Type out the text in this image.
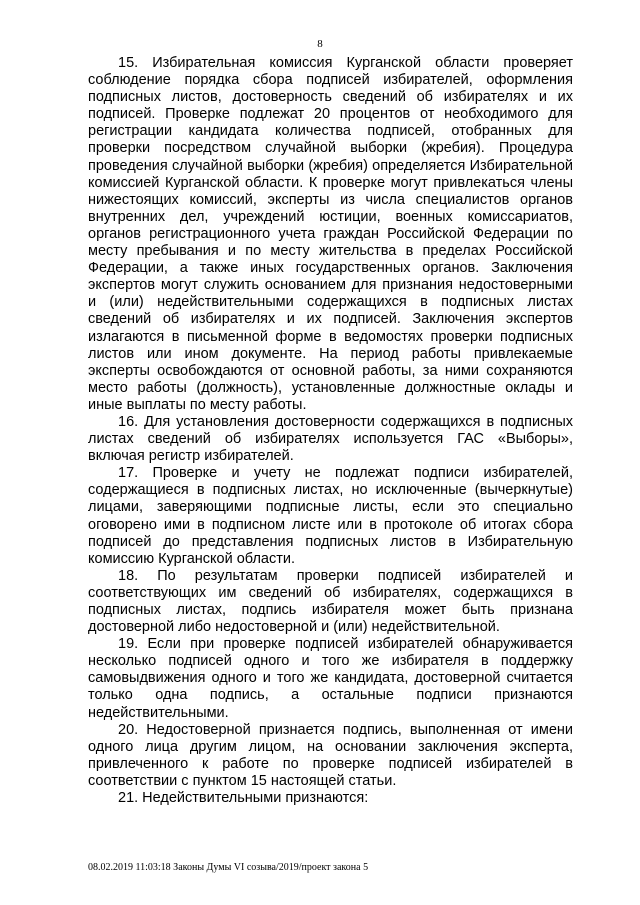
8

15. Избирательная комиссия Курганской области проверяет соблюдение порядка сбора подписей избирателей, оформления подписных листов, достоверность сведений об избирателях и их подписей. Проверке подлежат 20 процентов от необходимого для регистрации кандидата количества подписей, отобранных для проверки посредством случайной выборки (жребия). Процедура проведения случайной выборки (жребия) определяется Избирательной комиссией Курганской области. К проверке могут привлекаться члены нижестоящих комиссий, эксперты из числа специалистов органов внутренних дел, учреждений юстиции, военных комиссариатов, органов регистрационного учета граждан Российской Федерации по месту пребывания и по месту жительства в пределах Российской Федерации, а также иных государственных органов. Заключения экспертов могут служить основанием для признания недостоверными и (или) недействительными содержащихся в подписных листах сведений об избирателях и их подписей. Заключения экспертов излагаются в письменной форме в ведомостях проверки подписных листов или ином документе. На период работы привлекаемые эксперты освобождаются от основной работы, за ними сохраняются место работы (должность), установленные должностные оклады и иные выплаты по месту работы.

16. Для установления достоверности содержащихся в подписных листах сведений об избирателях используется ГАС «Выборы», включая регистр избирателей.

17. Проверке и учету не подлежат подписи избирателей, содержащиеся в подписных листах, но исключенные (вычеркнутые) лицами, заверяющими подписные листы, если это специально оговорено ими в подписном листе или в протоколе об итогах сбора подписей до представления подписных листов в Избирательную комиссию Курганской области.

18. По результатам проверки подписей избирателей и соответствующих им сведений об избирателях, содержащихся в подписных листах, подпись избирателя может быть признана достоверной либо недостоверной и (или) недействительной.

19. Если при проверке подписей избирателей обнаруживается несколько подписей одного и того же избирателя в поддержку самовыдвижения одного и того же кандидата, достоверной считается только одна подпись, а остальные подписи признаются недействительными.

20. Недостоверной признается подпись, выполненная от имени одного лица другим лицом, на основании заключения эксперта, привлеченного к работе по проверке подписей избирателей в соответствии с пунктом 15 настоящей статьи.

21. Недействительными признаются:

08.02.2019 11:03:18 Законы Думы VI созыва/2019/проект закона 5
